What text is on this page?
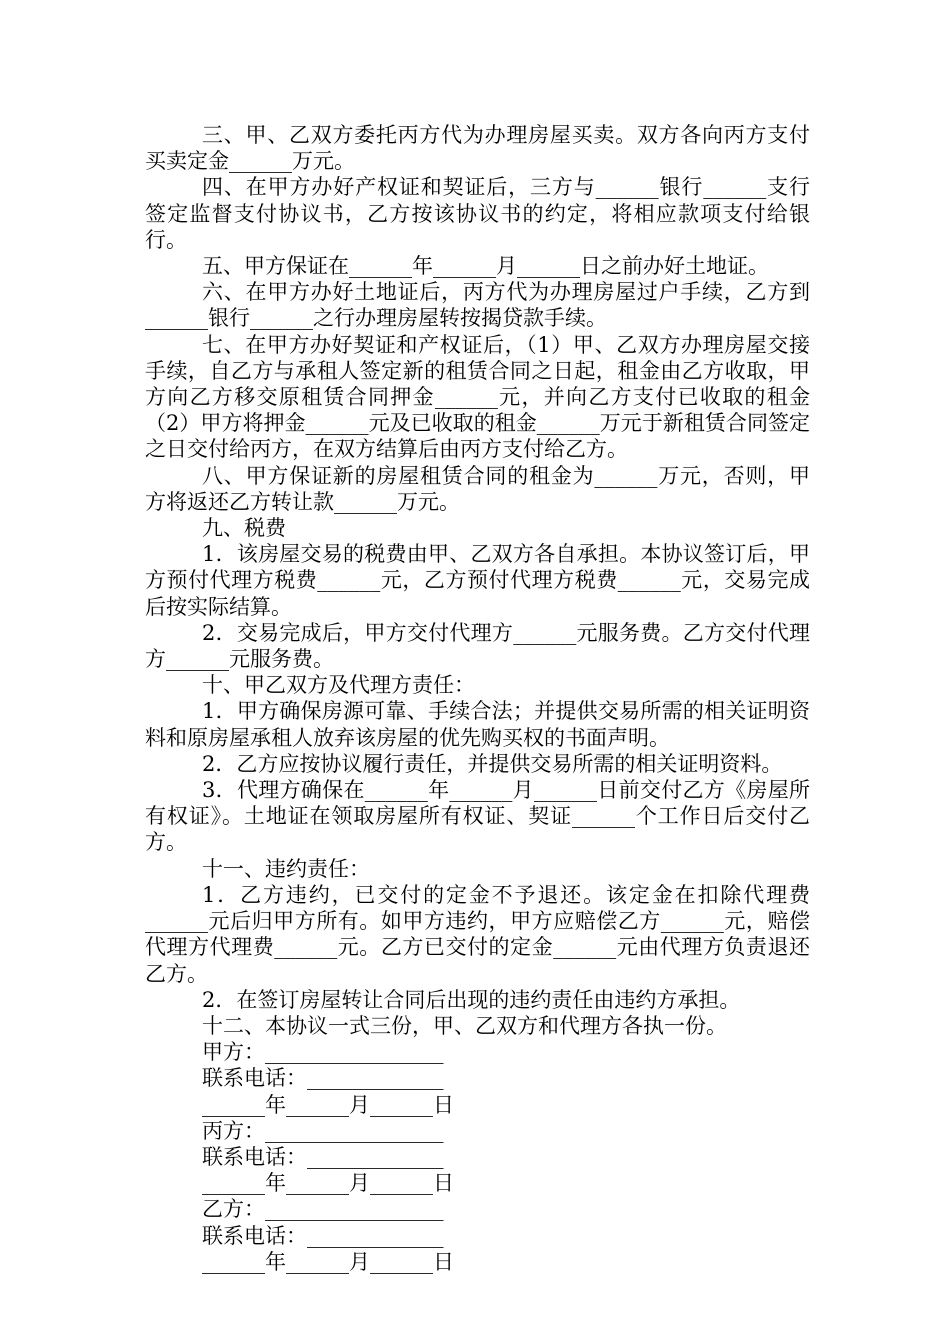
三、甲、乙双方委托丙方代为办理房屋买卖。双方各向丙方支付买卖定金______万元。

四、在甲方办好产权证和契证后，三方与______银行______支行签定监督支付协议书，乙方按该协议书的约定，将相应款项支付给银行。

五、甲方保证在______年______月______日之前办好土地证。

六、在甲方办好土地证后，丙方代为办理房屋过户手续，乙方到______银行______之行办理房屋转按揭贷款手续。

七、在甲方办好契证和产权证后，（1）甲、乙双方办理房屋交接手续，自乙方与承租人签定新的租赁合同之日起，租金由乙方收取，甲方向乙方移交原租赁合同押金______元，并向乙方支付已收取的租金（2）甲方将押金______元及已收取的租金______万元于新租赁合同签定之日交付给丙方，在双方结算后由丙方支付给乙方。

八、甲方保证新的房屋租赁合同的租金为______万元，否则，甲方将返还乙方转让款______万元。

九、税费

1．该房屋交易的税费由甲、乙双方各自承担。本协议签订后，甲方预付代理方税费______元，乙方预付代理方税费______元，交易完成后按实际结算。

2．交易完成后，甲方交付代理方______元服务费。乙方交付代理方______元服务费。

十、甲乙双方及代理方责任：

1．甲方确保房源可靠、手续合法；并提供交易所需的相关证明资料和原房屋承租人放弃该房屋的优先购买权的书面声明。

2．乙方应按协议履行责任，并提供交易所需的相关证明资料。

3．代理方确保在______年______月______日前交付乙方《房屋所有权证》。土地证在领取房屋所有权证、契证______个工作日后交付乙方。

十一、违约责任：

1．乙方违约，已交付的定金不予退还。该定金在扣除代理费______元后归甲方所有。如甲方违约，甲方应赔偿乙方______元，赔偿代理方代理费______元。乙方已交付的定金______元由代理方负责退还乙方。

2．在签订房屋转让合同后出现的违约责任由违约方承担。

十二、本协议一式三份，甲、乙双方和代理方各执一份。

甲方：_________________

联系电话：_____________

______年______月______日

丙方：_________________

联系电话：_____________

______年______月______日

乙方：_________________

联系电话：_____________

______年______月______日
